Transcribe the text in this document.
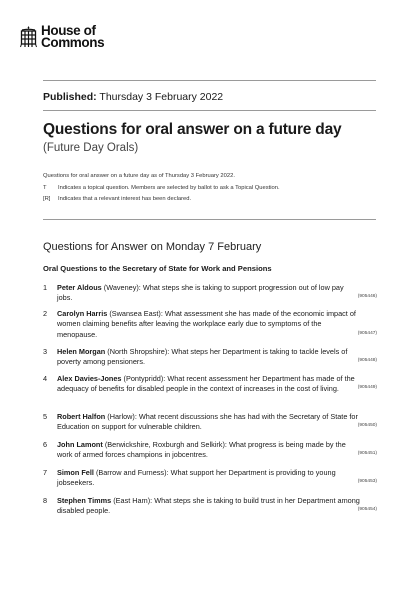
House of
Commons
Published: Thursday 3 February 2022
Questions for oral answer on a future day
(Future Day Orals)
Questions for oral answer on a future day as of Thursday 3 February 2022.
T	Indicates a topical question. Members are selected by ballot to ask a Topical Question.
[R]	Indicates that a relevant interest has been declared.
Questions for Answer on Monday 7 February
Oral Questions to the Secretary of State for Work and Pensions
1	Peter Aldous (Waveney): What steps she is taking to support progression out of low pay jobs.	(905446)
2	Carolyn Harris (Swansea East): What assessment she has made of the economic impact of women claiming benefits after leaving the workplace early due to symptoms of the menopause.	(905447)
3	Helen Morgan (North Shropshire): What steps her Department is taking to tackle levels of poverty among pensioners.	(905448)
4	Alex Davies-Jones (Pontypridd): What recent assessment her Department has made of the adequacy of benefits for disabled people in the context of increases in the cost of living.	(905449)
5	Robert Halfon (Harlow): What recent discussions she has had with the Secretary of State for Education on support for vulnerable children.	(905450)
6	John Lamont (Berwickshire, Roxburgh and Selkirk): What progress is being made by the work of armed forces champions in jobcentres.	(905451)
7	Simon Fell (Barrow and Furness): What support her Department is providing to young jobseekers.	(905453)
8	Stephen Timms (East Ham): What steps she is taking to build trust in her Department among disabled people.	(905454)
